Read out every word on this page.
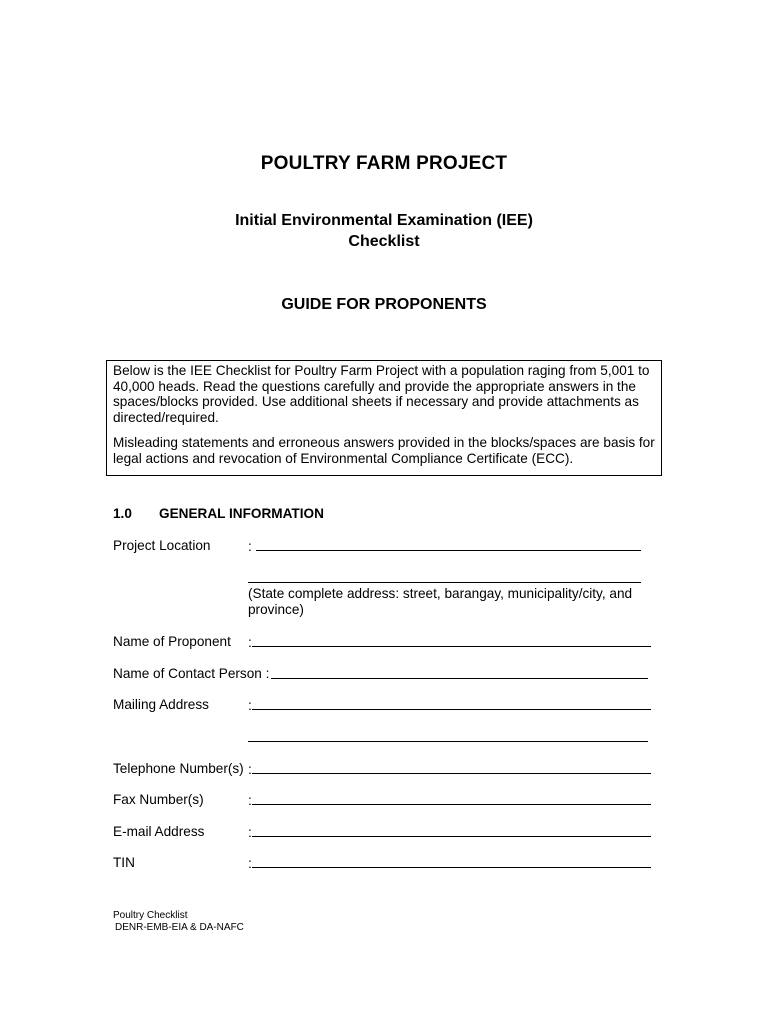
POULTRY FARM PROJECT
Initial Environmental Examination (IEE)
Checklist
GUIDE FOR PROPONENTS

Below is the IEE Checklist for Poultry Farm Project with a population raging from 5,001 to 40,000 heads. Read the questions carefully and provide the appropriate answers in the spaces/blocks provided. Use additional sheets if necessary and provide attachments as directed/required.

Misleading statements and erroneous answers provided in the blocks/spaces are basis for legal actions and revocation of Environmental Compliance Certificate (ECC).

1.0 GENERAL INFORMATION
Project Location	:
(State complete address: street, barangay, municipality/city, and province)
Name of Proponent :
Name of Contact Person :
Mailing Address	:
Telephone Number(s) :
Fax Number(s)	:
E-mail Address	:
TIN	:
Poultry Checklist
DENR-EMB-EIA & DA-NAFC
